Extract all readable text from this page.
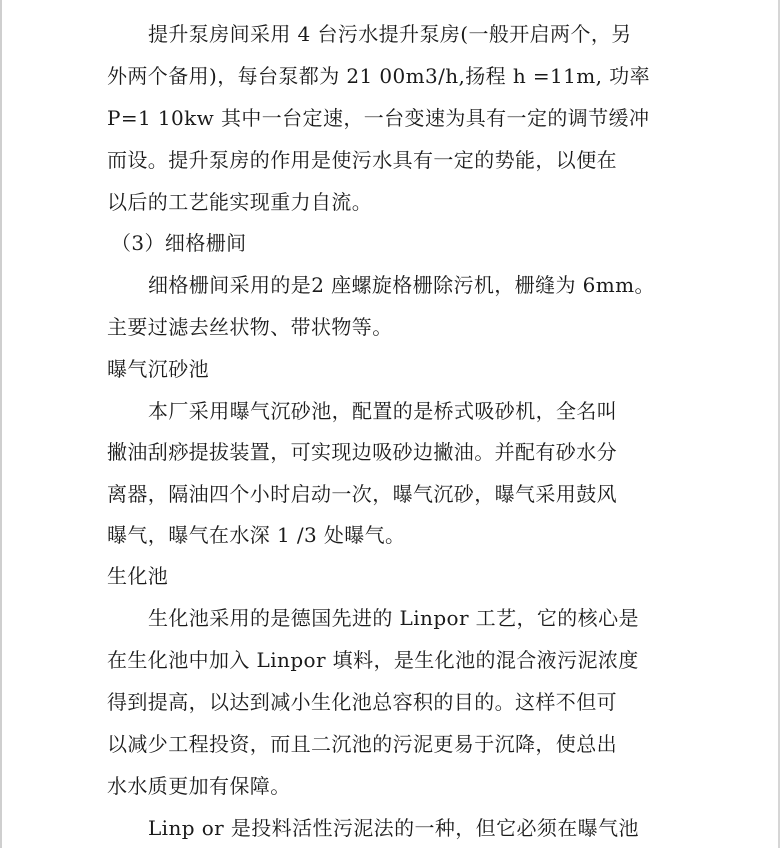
提升泵房间采用 4 台污水提升泵房(一般开启两个，另
外两个备用)，每台泵都为 21 00m3/h,扬程 h =11m, 功率
P=1 10kw 其中一台定速，一台变速为具有一定的调节缓冲
而设。提升泵房的作用是使污水具有一定的势能，以便在
以后的工艺能实现重力自流。
（3）细格栅间
细格栅间采用的是2 座螺旋格栅除污机，栅缝为 6mm。
主要过滤去丝状物、带状物等。
曝气沉砂池
本厂采用曝气沉砂池，配置的是桥式吸砂机，全名叫
撇油刮痧提拔装置，可实现边吸砂边撇油。并配有砂水分
离器，隔油四个小时启动一次，曝气沉砂，曝气采用鼓风
曝气，曝气在水深 1 /3 处曝气。
生化池
生化池采用的是德国先进的 Linpor 工艺，它的核心是
在生化池中加入 Linpor 填料，是生化池的混合液污泥浓度
得到提高，以达到减小生化池总容积的目的。这样不但可
以减少工程投资，而且二沉池的污泥更易于沉降，使总出
水水质更加有保障。
Linp or 是投料活性污泥法的一种，但它必须在曝气池
